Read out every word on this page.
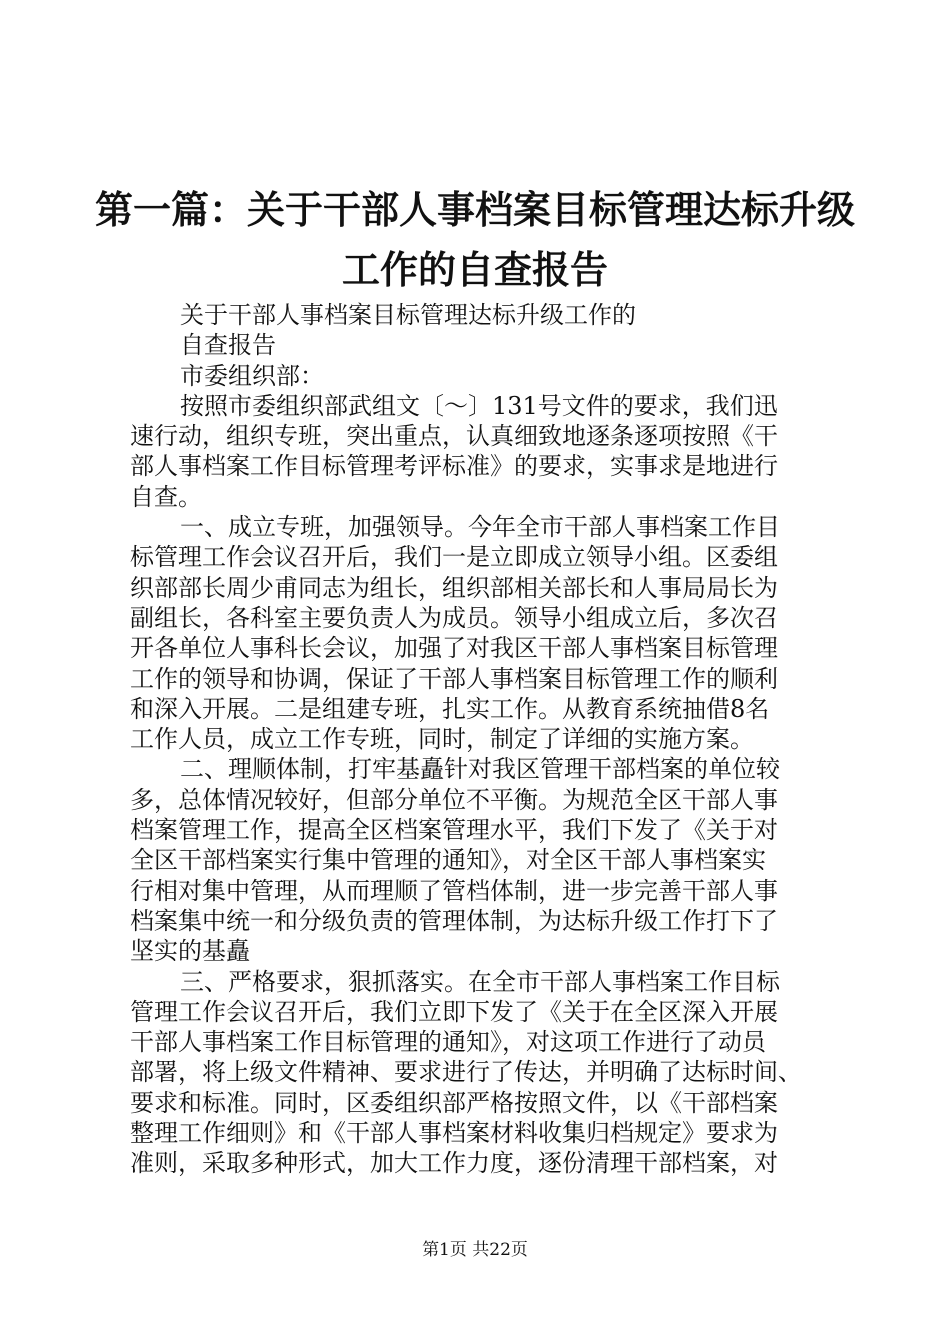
第一篇：关于干部人事档案目标管理达标升级
工作的自查报告
关于干部人事档案目标管理达标升级工作的
自查报告
市委组织部：
按照市委组织部武组文〔～〕131号文件的要求，我们迅
速行动，组织专班，突出重点，认真细致地逐条逐项按照《干
部人事档案工作目标管理考评标准》的要求，实事求是地进行
自查。
一、成立专班，加强领导。今年全市干部人事档案工作目
标管理工作会议召开后，我们一是立即成立领导小组。区委组
织部部长周少甫同志为组长，组织部相关部长和人事局局长为
副组长，各科室主要负责人为成员。领导小组成立后，多次召
开各单位人事科长会议，加强了对我区干部人事档案目标管理
工作的领导和协调，保证了干部人事档案目标管理工作的顺利
和深入开展。二是组建专班，扎实工作。从教育系统抽借8名
工作人员，成立工作专班，同时，制定了详细的实施方案。
二、理顺体制，打牢基矗针对我区管理干部档案的单位较
多，总体情况较好，但部分单位不平衡。为规范全区干部人事
档案管理工作，提高全区档案管理水平，我们下发了《关于对
全区干部档案实行集中管理的通知》，对全区干部人事档案实
行相对集中管理，从而理顺了管档体制，进一步完善干部人事
档案集中统一和分级负责的管理体制，为达标升级工作打下了
坚实的基矗
三、严格要求，狠抓落实。在全市干部人事档案工作目标
管理工作会议召开后，我们立即下发了《关于在全区深入开展
干部人事档案工作目标管理的通知》，对这项工作进行了动员
部署，将上级文件精神、要求进行了传达，并明确了达标时间、
要求和标准。同时，区委组织部严格按照文件，以《干部档案
整理工作细则》和《干部人事档案材料收集归档规定》要求为
准则，采取多种形式，加大工作力度，逐份清理干部档案，对
第1页 共22页
